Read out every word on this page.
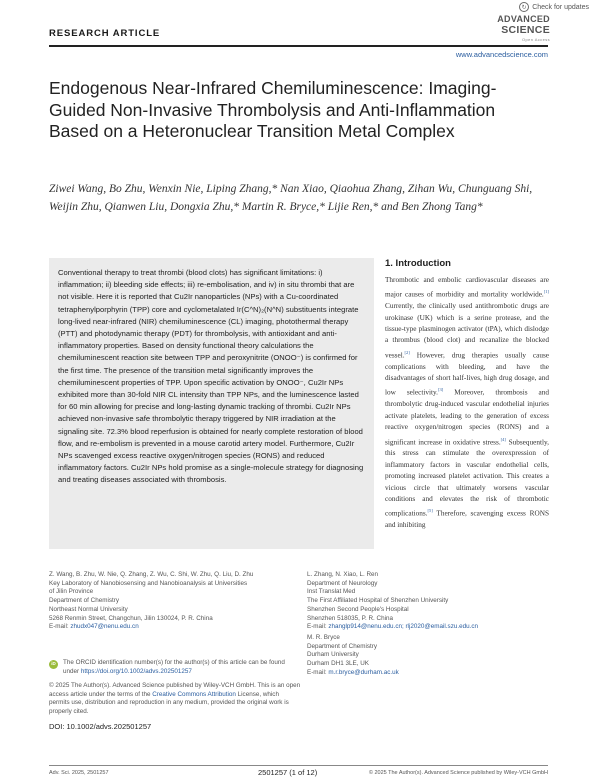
↻ Check for updates
RESEARCH ARTICLE
ADVANCED
SCIENCE
Open Access
www.advancedscience.com
Endogenous Near-Infrared Chemiluminescence: Imaging-Guided Non-Invasive Thrombolysis and Anti-Inflammation Based on a Heteronuclear Transition Metal Complex
Ziwei Wang, Bo Zhu, Wenxin Nie, Liping Zhang,* Nan Xiao, Qiaohua Zhang, Zihan Wu, Chunguang Shi, Weijin Zhu, Qianwen Liu, Dongxia Zhu,* Martin R. Bryce,* Lijie Ren,* and Ben Zhong Tang*

Conventional therapy to treat thrombi (blood clots) has significant limitations: i) inflammation; ii) bleeding side effects; iii) re-embolisation, and iv) in situ thrombi that are not visible. Here it is reported that Cu2Ir nanoparticles (NPs) with a Cu-coordinated tetraphenylporphyrin (TPP) core and cyclometalated Ir(C^N)₂(N^N) substituents integrate long-lived near-infrared (NIR) chemiluminescence (CL) imaging, photothermal therapy (PTT) and photodynamic therapy (PDT) for thrombolysis, with antioxidant and anti-inflammatory properties. Based on density functional theory calculations the chemiluminescent reaction site between TPP and peroxynitrite (ONOO⁻) is confirmed for the first time. The presence of the transition metal significantly improves the chemiluminescent properties of TPP. Upon specific activation by ONOO⁻, Cu2Ir NPs exhibited more than 30-fold NIR CL intensity than TPP NPs, and the luminescence lasted for 60 min allowing for precise and long-lasting dynamic tracking of thrombi. Cu2Ir NPs achieved non-invasive safe thrombolytic therapy triggered by NIR irradiation at the signaling site. 72.3% blood reperfusion is obtained for nearly complete restoration of blood flow, and re-embolism is prevented in a mouse carotid artery model. Furthermore, Cu2Ir NPs scavenged excess reactive oxygen/nitrogen species (RONS) and reduced inflammatory factors. Cu2Ir NPs hold promise as a single-molecule strategy for diagnosing and treating diseases associated with thrombosis.

1. Introduction
Thrombotic and embolic cardiovascular diseases are major causes of morbidity and mortality worldwide.[1] Currently, the clinically used antithrombotic drugs are urokinase (UK) which is a serine protease, and the tissue-type plasminogen activator (tPA), which dislodge a thrombus (blood clot) and recanalize the blocked vessel.[2] However, drug therapies usually cause complications with bleeding, and have the disadvantages of short half-lives, high drug dosage, and low selectivity.[3] Moreover, thrombosis and thrombolytic drug-induced vascular endothelial injuries activate platelets, leading to the generation of excess reactive oxygen/nitrogen species (RONS) and a significant increase in oxidative stress.[4] Subsequently, this stress can stimulate the overexpression of inflammatory factors in vascular endothelial cells, promoting increased platelet activation. This creates a vicious circle that ultimately worsens vascular conditions and elevates the risk of thrombotic complications.[5] Therefore, scavenging excess RONS and inhibiting
Z. Wang, B. Zhu, W. Nie, Q. Zhang, Z. Wu, C. Shi, W. Zhu, Q. Liu, D. Zhu
Key Laboratory of Nanobiosensing and Nanobioanalysis at Universities
of Jilin Province
Department of Chemistry
Northeast Normal University
5268 Renmin Street, Changchun, Jilin 130024, P. R. China
E-mail: zhudx047@nenu.edu.cn
L. Zhang, N. Xiao, L. Ren
Department of Neurology
Inst Translat Med
The First Affiliated Hospital of Shenzhen University
Shenzhen Second People's Hospital
Shenzhen 518035, P. R. China
E-mail: zhanglp914@nenu.edu.cn; rlj2020@email.szu.edu.cn
M. R. Bryce
Department of Chemistry
Durham University
Durham DH1 3LE, UK
E-mail: m.r.bryce@durham.ac.uk
iD	The ORCID identification number(s) for the author(s) of this article can be found under https://doi.org/10.1002/advs.202501257
© 2025 The Author(s). Advanced Science published by Wiley-VCH GmbH. This is an open access article under the terms of the Creative Commons Attribution License, which permits use, distribution and reproduction in any medium, provided the original work is properly cited.
DOI: 10.1002/advs.202501257
Adv. Sci. 2025, 2501257	2501257 (1 of 12)	© 2025 The Author(s). Advanced Science published by Wiley-VCH GmbH
